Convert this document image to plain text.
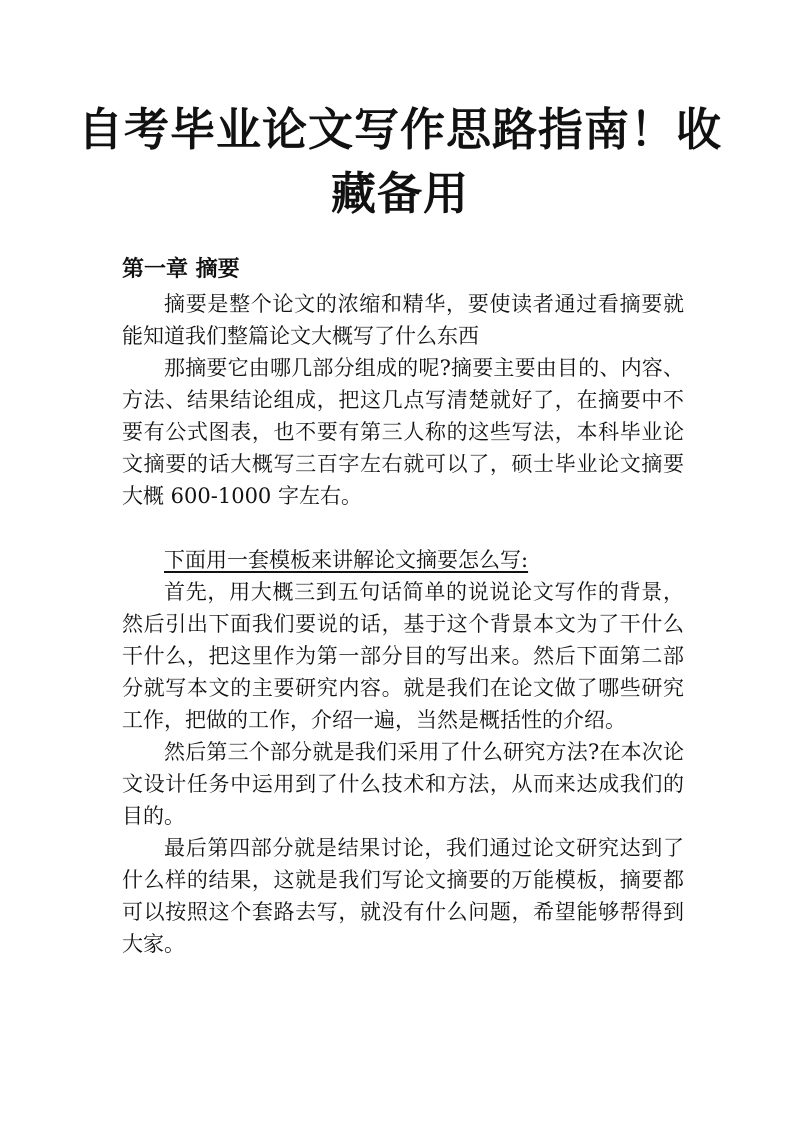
自考毕业论文写作思路指南！收藏备用
第一章 摘要

摘要是整个论文的浓缩和精华，要使读者通过看摘要就能知道我们整篇论文大概写了什么东西

那摘要它由哪几部分组成的呢?摘要主要由目的、内容、方法、结果结论组成，把这几点写清楚就好了，在摘要中不要有公式图表，也不要有第三人称的这些写法，本科毕业论文摘要的话大概写三百字左右就可以了，硕士毕业论文摘要大概 600-1000 字左右。

下面用一套模板来讲解论文摘要怎么写:

首先，用大概三到五句话简单的说说论文写作的背景，然后引出下面我们要说的话，基于这个背景本文为了干什么干什么，把这里作为第一部分目的写出来。然后下面第二部分就写本文的主要研究内容。就是我们在论文做了哪些研究工作，把做的工作，介绍一遍，当然是概括性的介绍。

然后第三个部分就是我们采用了什么研究方法?在本次论文设计任务中运用到了什么技术和方法，从而来达成我们的目的。

最后第四部分就是结果讨论，我们通过论文研究达到了什么样的结果，这就是我们写论文摘要的万能模板，摘要都可以按照这个套路去写，就没有什么问题，希望能够帮得到大家。
